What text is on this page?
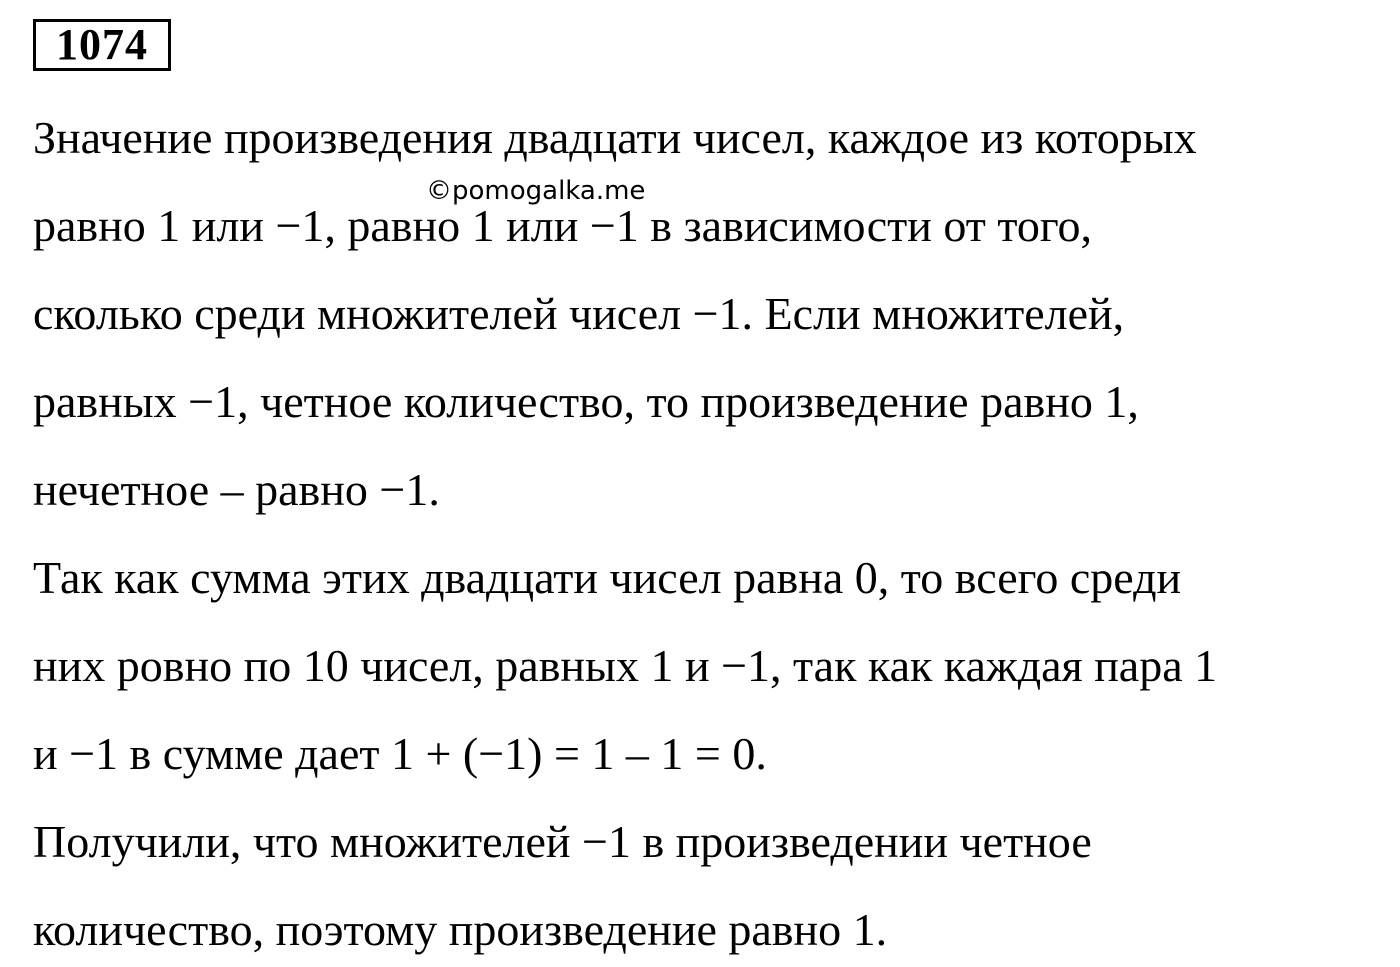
1074
Значение произведения двадцати чисел, каждое из которых
равно 1 или −1, равно 1 или −1 в зависимости от того,
сколько среди множителей чисел −1. Если множителей,
равных −1, четное количество, то произведение равно 1,
нечетное – равно −1.
Так как сумма этих двадцати чисел равна 0, то всего среди
них ровно по 10 чисел, равных 1 и −1, так как каждая пара 1
и −1 в сумме дает 1 + (−1) = 1 – 1 = 0.
Получили, что множителей −1 в произведении четное
количество, поэтому произведение равно 1.
©pomogalka.me
